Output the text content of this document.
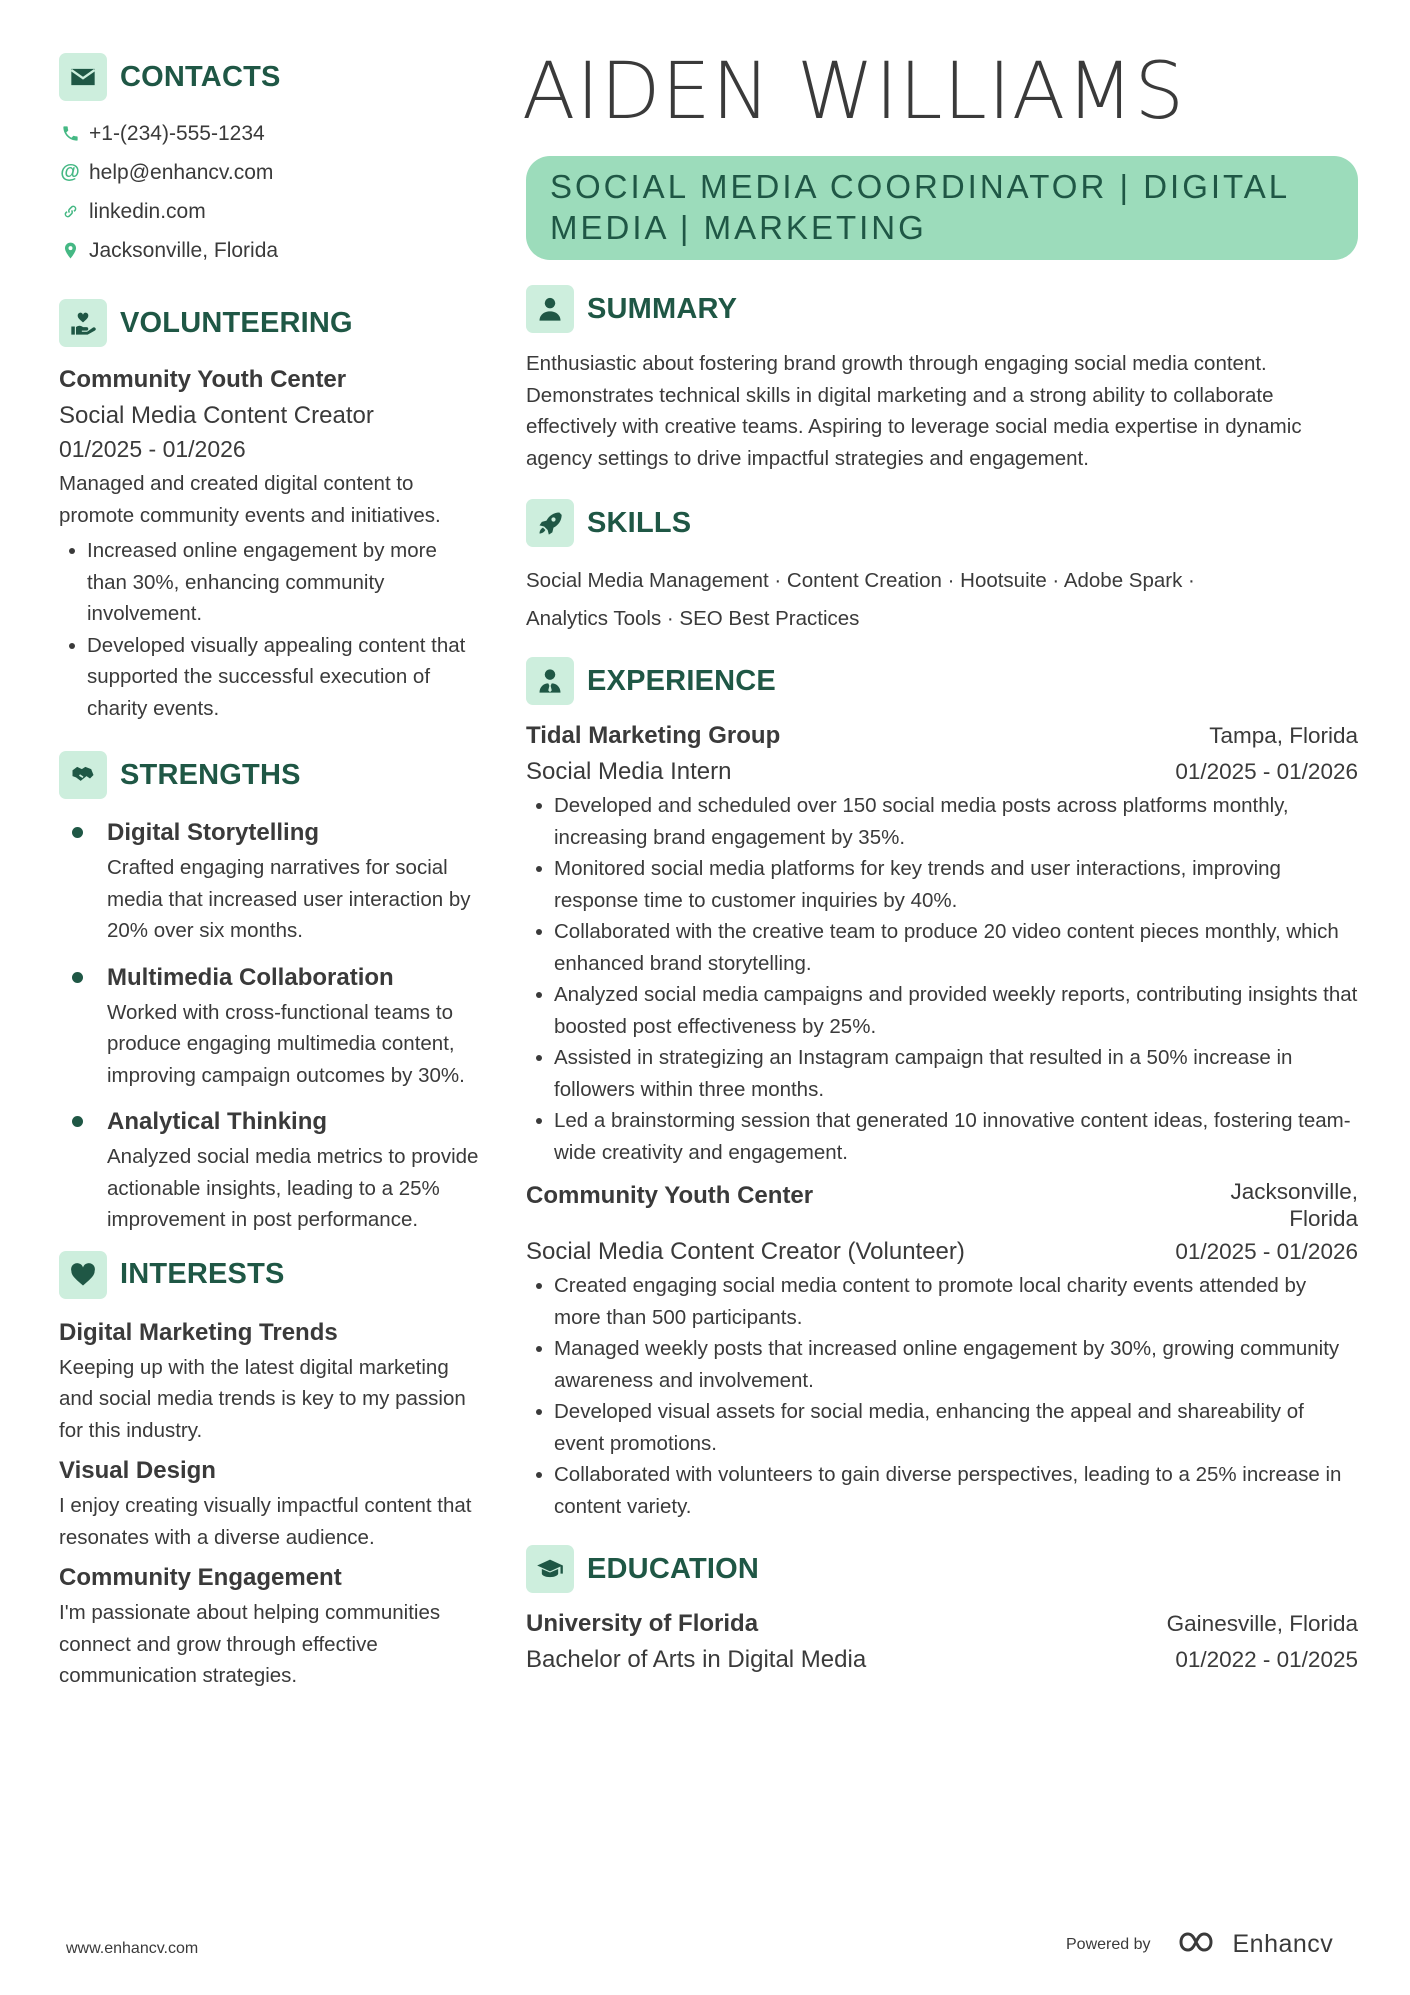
CONTACTS
+1-(234)-555-1234
@ help@enhancv.com
linkedin.com
Jacksonville, Florida
VOLUNTEERING
Community Youth Center
Social Media Content Creator
01/2025 - 01/2026
Managed and created digital content to promote community events and initiatives.
Increased online engagement by more than 30%, enhancing community involvement.
Developed visually appealing content that supported the successful execution of charity events.
STRENGTHS
Digital Storytelling
Crafted engaging narratives for social media that increased user interaction by 20% over six months.
Multimedia Collaboration
Worked with cross-functional teams to produce engaging multimedia content, improving campaign outcomes by 30%.
Analytical Thinking
Analyzed social media metrics to provide actionable insights, leading to a 25% improvement in post performance.
INTERESTS
Digital Marketing Trends
Keeping up with the latest digital marketing and social media trends is key to my passion for this industry.
Visual Design
I enjoy creating visually impactful content that resonates with a diverse audience.
Community Engagement
I'm passionate about helping communities connect and grow through effective communication strategies.
AIDEN WILLIAMS
SOCIAL MEDIA COORDINATOR | DIGITAL
MEDIA | MARKETING
SUMMARY
Enthusiastic about fostering brand growth through engaging social media content. Demonstrates technical skills in digital marketing and a strong ability to collaborate effectively with creative teams. Aspiring to leverage social media expertise in dynamic agency settings to drive impactful strategies and engagement.
SKILLS
Social Media Management · Content Creation · Hootsuite · Adobe Spark ·
Analytics Tools · SEO Best Practices
EXPERIENCE
Tidal Marketing Group	Tampa, Florida
Social Media Intern	01/2025 - 01/2026
Developed and scheduled over 150 social media posts across platforms monthly, increasing brand engagement by 35%.
Monitored social media platforms for key trends and user interactions, improving response time to customer inquiries by 40%.
Collaborated with the creative team to produce 20 video content pieces monthly, which enhanced brand storytelling.
Analyzed social media campaigns and provided weekly reports, contributing insights that boosted post effectiveness by 25%.
Assisted in strategizing an Instagram campaign that resulted in a 50% increase in followers within three months.
Led a brainstorming session that generated 10 innovative content ideas, fostering team-wide creativity and engagement.
Community Youth Center	Jacksonville,
Florida
Social Media Content Creator (Volunteer)	01/2025 - 01/2026
Created engaging social media content to promote local charity events attended by more than 500 participants.
Managed weekly posts that increased online engagement by 30%, growing community awareness and involvement.
Developed visual assets for social media, enhancing the appeal and shareability of event promotions.
Collaborated with volunteers to gain diverse perspectives, leading to a 25% increase in content variety.
EDUCATION
University of Florida	Gainesville, Florida
Bachelor of Arts in Digital Media	01/2022 - 01/2025
www.enhancv.com	Powered by	Enhancv
